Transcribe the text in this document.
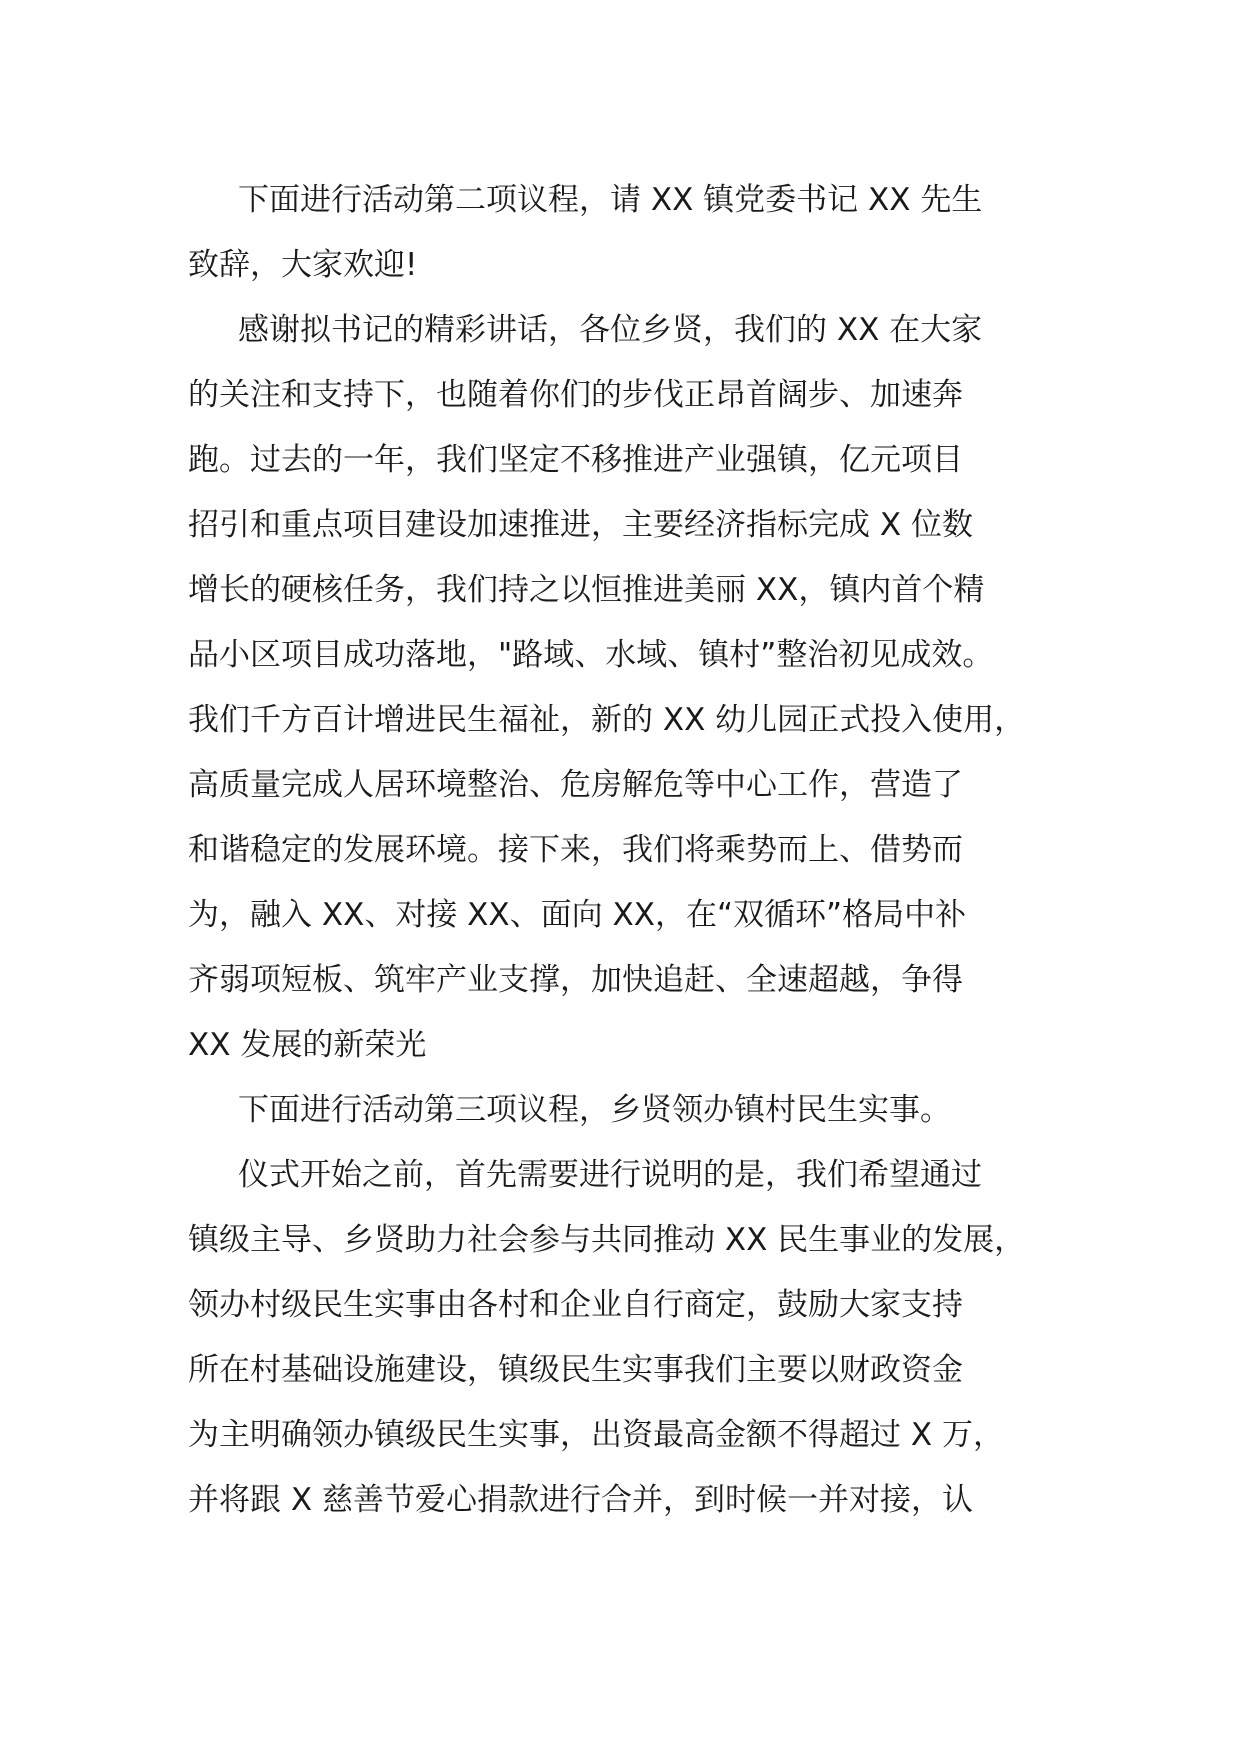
下面进行活动第二项议程，请 XX 镇党委书记 XX 先生
致辞，大家欢迎!
感谢拟书记的精彩讲话，各位乡贤，我们的 XX 在大家
的关注和支持下，也随着你们的步伐正昂首阔步、加速奔
跑。过去的一年，我们坚定不移推进产业强镇，亿元项目
招引和重点项目建设加速推进，主要经济指标完成 X 位数
增长的硬核任务，我们持之以恒推进美丽 XX，镇内首个精
品小区项目成功落地，"路域、水域、镇村”整治初见成效。
我们千方百计增进民生福祉，新的 XX 幼儿园正式投入使用，
高质量完成人居环境整治、危房解危等中心工作，营造了
和谐稳定的发展环境。接下来，我们将乘势而上、借势而
为，融入 XX、对接 XX、面向 XX，在“双循环”格局中补
齐弱项短板、筑牢产业支撑，加快追赶、全速超越，争得
XX 发展的新荣光
下面进行活动第三项议程，乡贤领办镇村民生实事。
仪式开始之前，首先需要进行说明的是，我们希望通过
镇级主导、乡贤助力社会参与共同推动 XX 民生事业的发展，
领办村级民生实事由各村和企业自行商定，鼓励大家支持
所在村基础设施建设，镇级民生实事我们主要以财政资金
为主明确领办镇级民生实事，出资最高金额不得超过 X 万，
并将跟 X 慈善节爱心捐款进行合并，到时候一并对接，认
